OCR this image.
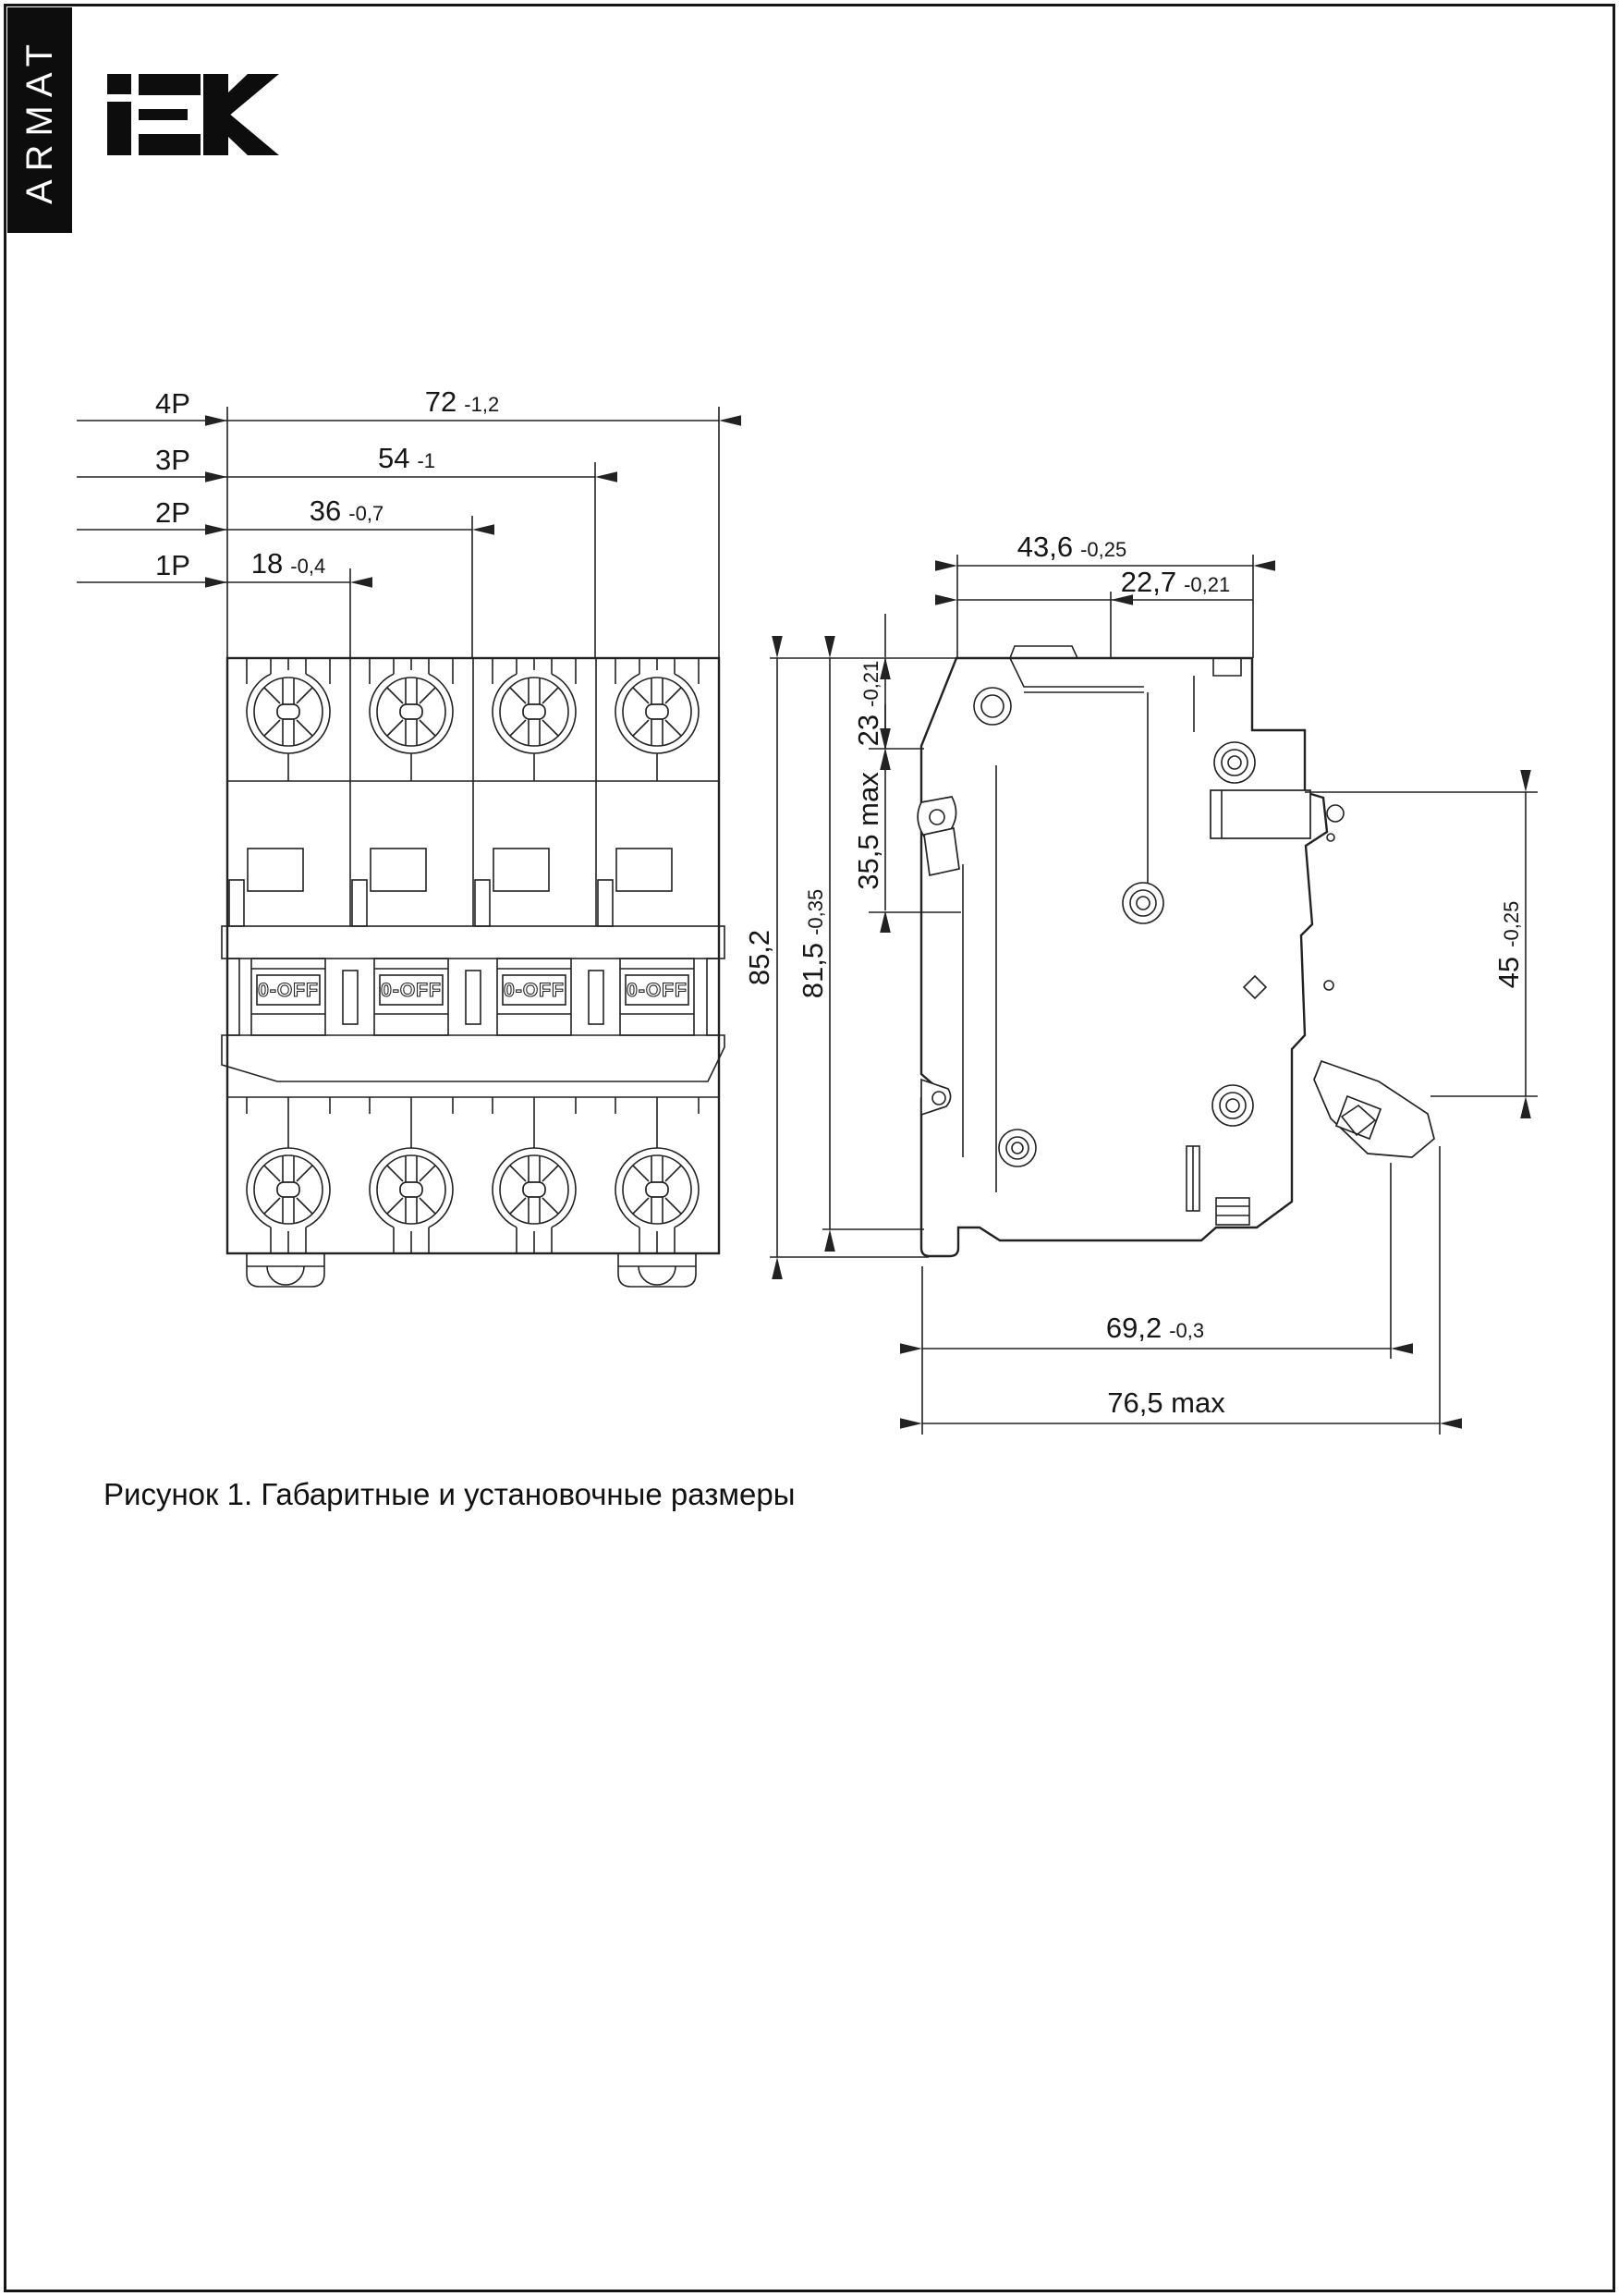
ARMAT
0-OFF	0-OFF	0-OFF	0-OFF
4P
3P
2P
1P
72 -1,2
54 -1
36 -0,7
18 -0,4
43,6 -0,25
22,7 -0,21
85,2 81,5-0,35
23-0,21
35,5 max
45-0,25
69,2 -0,3
76,5 max
Рисунок 1. Габаритные и установочные размеры
